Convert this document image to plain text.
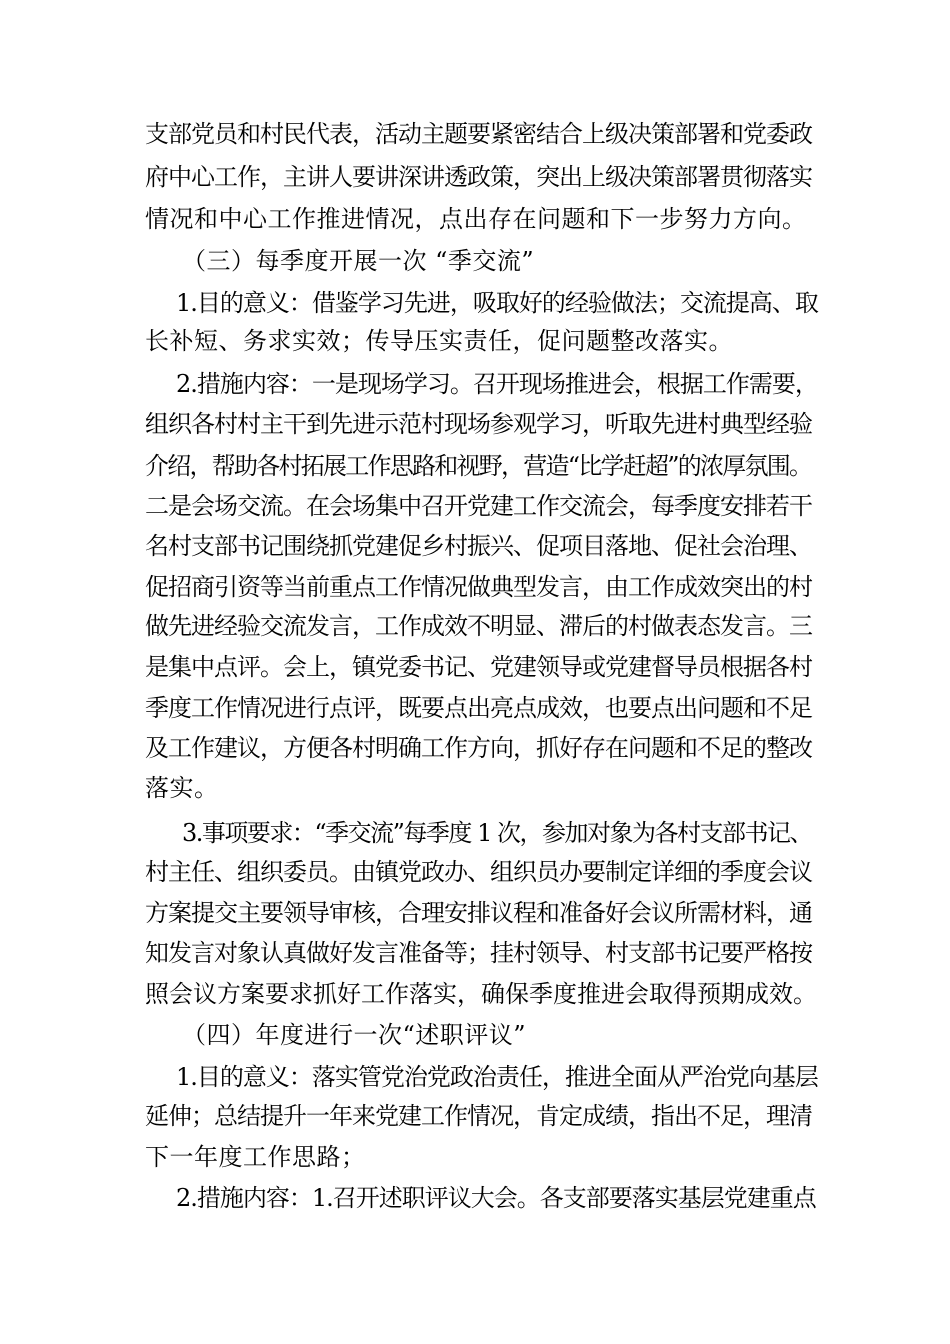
支部党员和村民代表，活动主题要紧密结合上级决策部署和党委政
府中心工作，主讲人要讲深讲透政策，突出上级决策部署贯彻落实
情况和中心工作推进情况，点出存在问题和下一步努力方向。
（三）每季度开展一次 “季交流”
1.目的意义：借鉴学习先进，吸取好的经验做法；交流提高、取
长补短、务求实效；传导压实责任，促问题整改落实。
2.措施内容：一是现场学习。召开现场推进会，根据工作需要，
组织各村村主干到先进示范村现场参观学习，听取先进村典型经验
介绍，帮助各村拓展工作思路和视野，营造“比学赶超”的浓厚氛围。
二是会场交流。在会场集中召开党建工作交流会，每季度安排若干
名村支部书记围绕抓党建促乡村振兴、促项目落地、促社会治理、
促招商引资等当前重点工作情况做典型发言，由工作成效突出的村
做先进经验交流发言，工作成效不明显、滞后的村做表态发言。三
是集中点评。会上，镇党委书记、党建领导或党建督导员根据各村
季度工作情况进行点评，既要点出亮点成效，也要点出问题和不足
及工作建议，方便各村明确工作方向，抓好存在问题和不足的整改
落实。
3.事项要求：“季交流”每季度 1 次，参加对象为各村支部书记、
村主任、组织委员。由镇党政办、组织员办要制定详细的季度会议
方案提交主要领导审核，合理安排议程和准备好会议所需材料，通
知发言对象认真做好发言准备等；挂村领导、村支部书记要严格按
照会议方案要求抓好工作落实，确保季度推进会取得预期成效。
（四）年度进行一次“述职评议”
1.目的意义：落实管党治党政治责任，推进全面从严治党向基层
延伸；总结提升一年来党建工作情况，肯定成绩，指出不足，理清
下一年度工作思路；
2.措施内容：1.召开述职评议大会。各支部要落实基层党建重点
